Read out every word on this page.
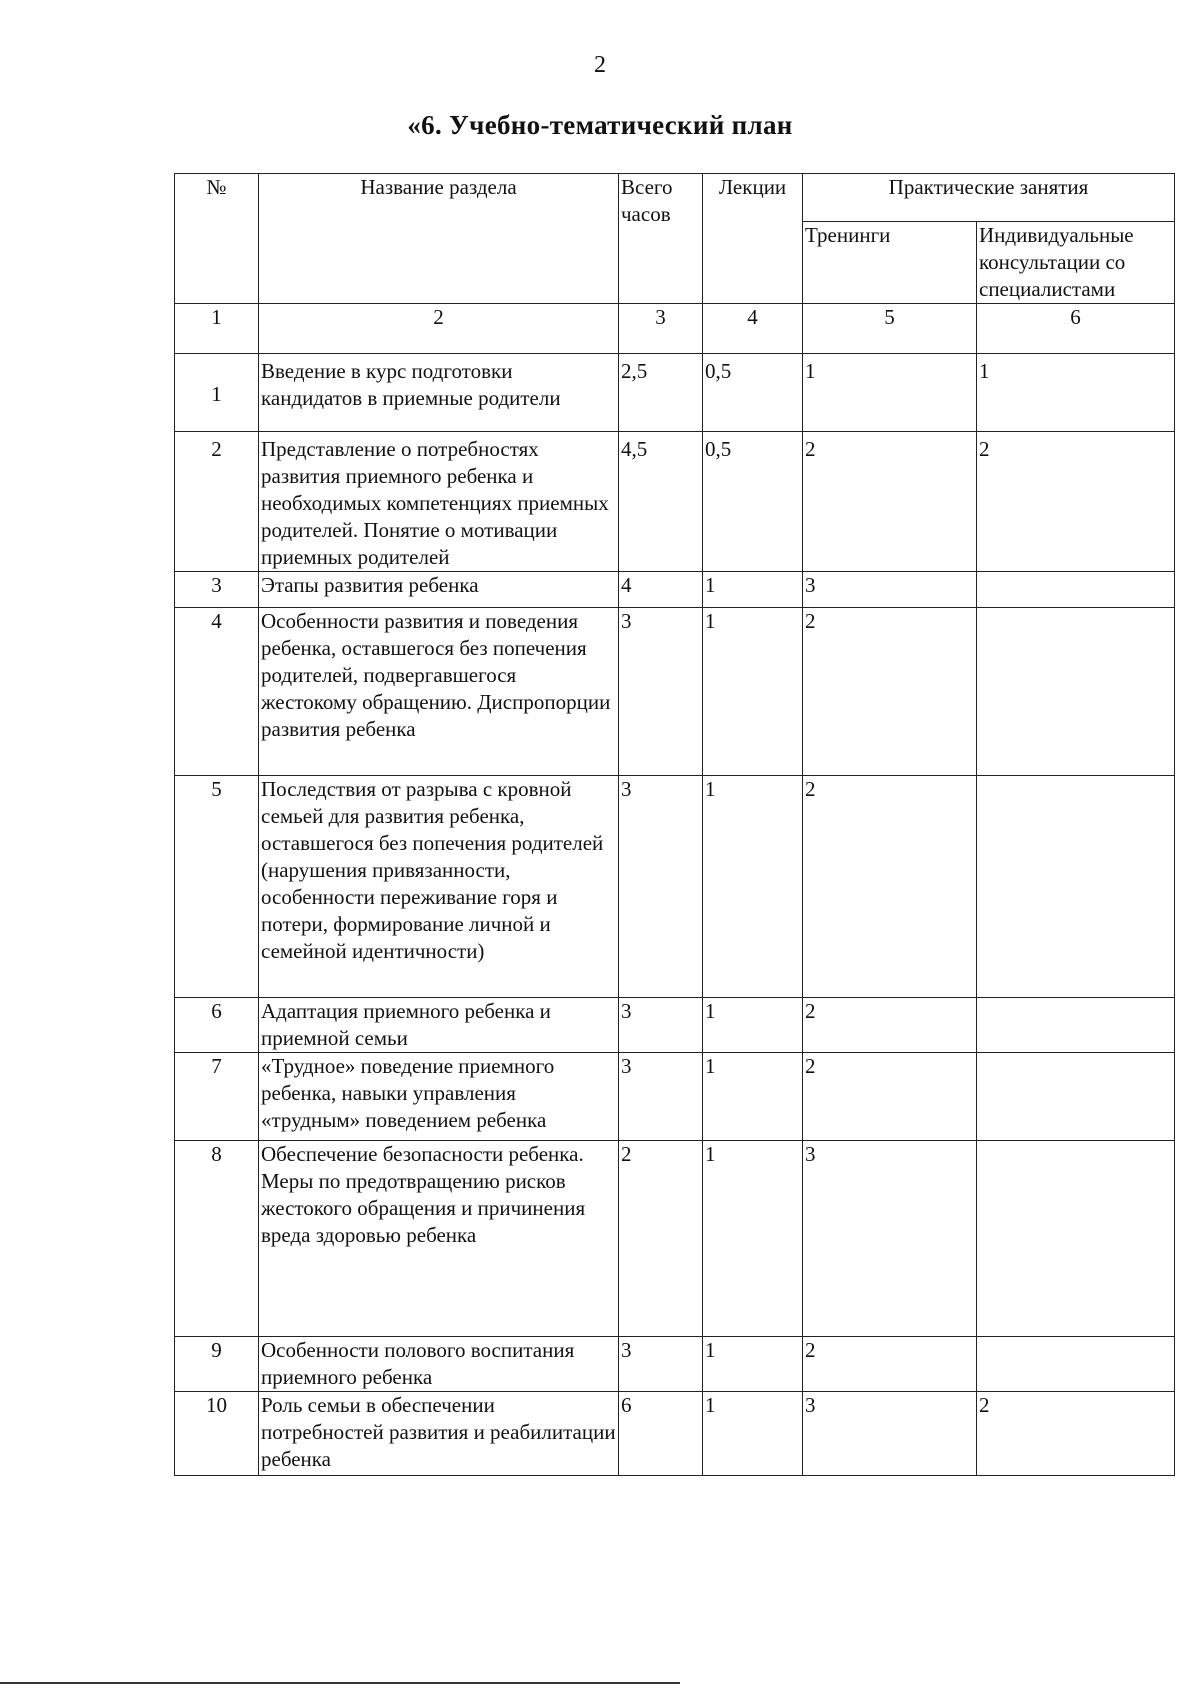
2
«6. Учебно-тематический план
№	Название раздела	Всего часов	Лекции	Практические занятия	
				Тренинги	Индивидуальные консультации со специалистами
1	2	3	4	5	6
1	Введение в курс подготовки кандидатов в приемные родители	2,5	0,5	1	1
2	Представление о потребностях развития приемного ребенка и необходимых компетенциях приемных родителей. Понятие о мотивации приемных родителей	4,5	0,5	2	2
3	Этапы развития ребенка	4	1	3	
4	Особенности развития и поведения ребенка, оставшегося без попечения родителей, подвергавшегося жестокому обращению. Диспропорции развития ребенка	3	1	2	
5	Последствия от разрыва с кровной семьей для развития ребенка, оставшегося без попечения родителей (нарушения привязанности, особенности переживание горя и потери, формирование личной и семейной идентичности)	3	1	2	
6	Адаптация приемного ребенка и приемной семьи	3	1	2	
7	«Трудное» поведение приемного ребенка, навыки управления «трудным» поведением ребенка	3	1	2	
8	Обеспечение безопасности ребенка. Меры по предотвращению рисков жестокого обращения и причинения вреда здоровью ребенка	2	1	3	
9	Особенности полового воспитания приемного ребенка	3	1	2	
10	Роль семьи в обеспечении потребностей развития и реабилитации ребенка	6	1	3	2
